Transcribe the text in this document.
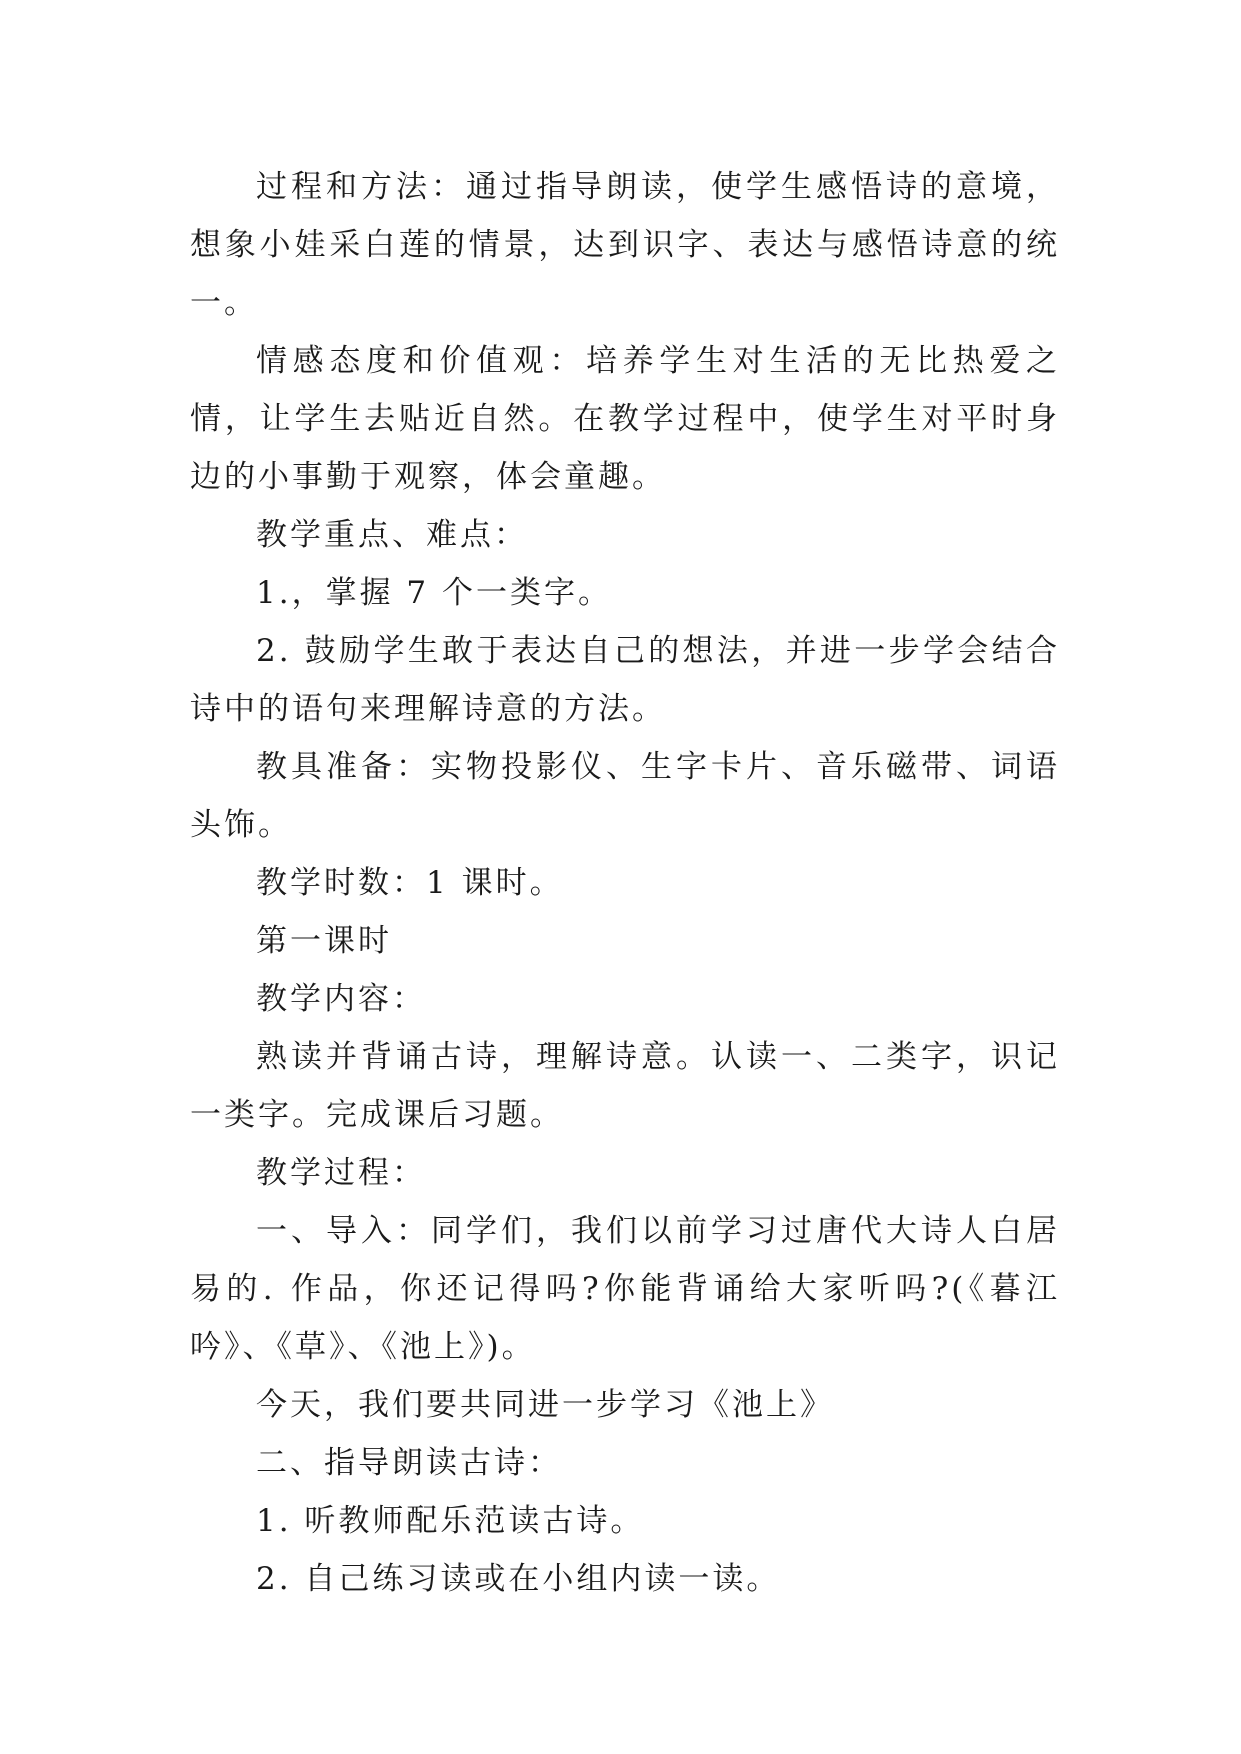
过程和方法：通过指导朗读，使学生感悟诗的意境，想象小娃采白莲的情景，达到识字、表达与感悟诗意的统一。

情感态度和价值观：培养学生对生活的无比热爱之情，让学生去贴近自然。在教学过程中，使学生对平时身边的小事勤于观察，体会童趣。

教学重点、难点：

1.，掌握 7 个一类字。

2. 鼓励学生敢于表达自己的想法，并进一步学会结合诗中的语句来理解诗意的方法。

教具准备：实物投影仪、生字卡片、音乐磁带、词语头饰。

教学时数：1 课时。

第一课时

教学内容：

熟读并背诵古诗，理解诗意。认读一、二类字，识记一类字。完成课后习题。

教学过程：

一、导入：同学们，我们以前学习过唐代大诗人白居易的. 作品，你还记得吗?你能背诵给大家听吗?(《暮江吟》、《草》、《池上》)。

今天，我们要共同进一步学习《池上》

二、指导朗读古诗：

1. 听教师配乐范读古诗。

2. 自己练习读或在小组内读一读。
